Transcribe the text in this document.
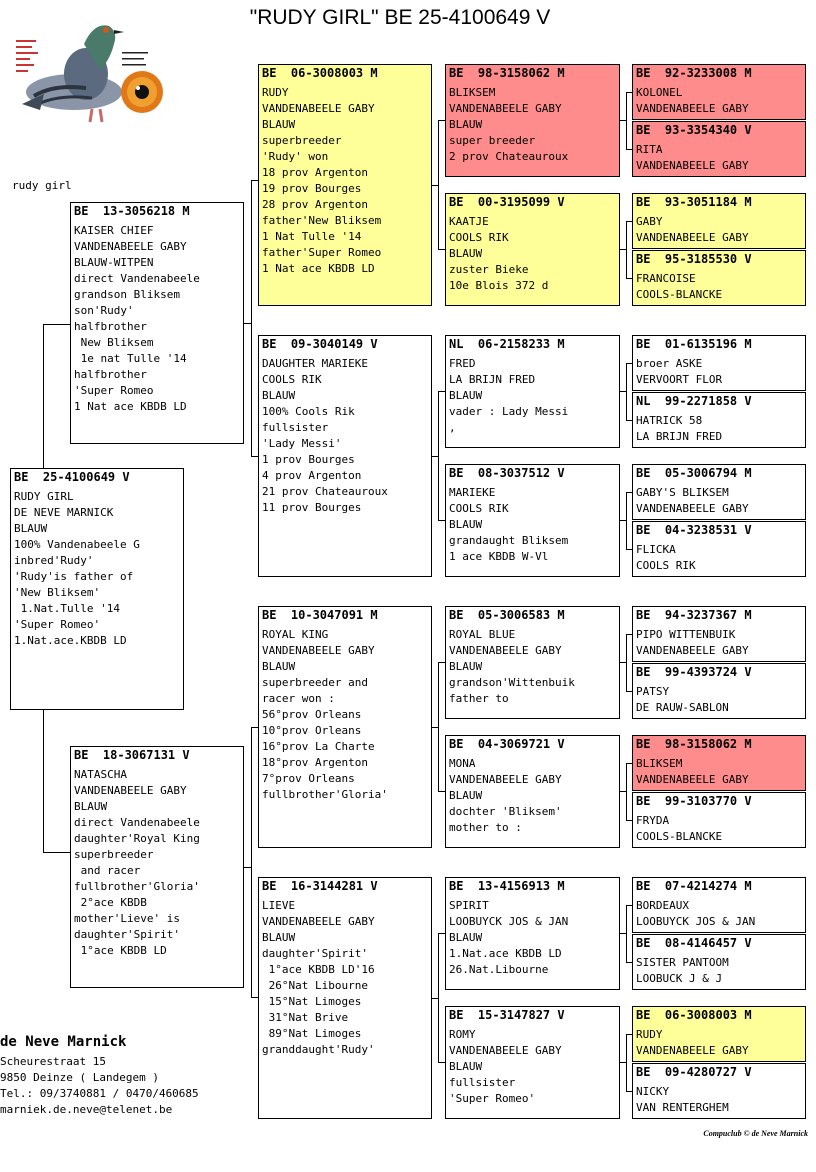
"RUDY GIRL" BE 25-4100649 V
rudy girl
BE  25-4100649 V
RUDY GIRL
DE NEVE MARNICK
BLAUW
100% Vandenabeele G
inbred'Rudy'
'Rudy'is father of
'New Bliksem'
1.Nat.Tulle '14
'Super Romeo'
1.Nat.ace.KBDB LD
BE  13-3056218 M
KAISER CHIEF
VANDENABEELE GABY
BLAUW-WITPEN
direct Vandenabeele
grandson Bliksem
son'Rudy'
halfbrother
New Bliksem
1e nat Tulle '14
halfbrother
'Super Romeo
1 Nat ace KBDB LD
BE  18-3067131 V
NATASCHA
VANDENABEELE GABY
BLAUW
direct Vandenabeele
daughter'Royal King
superbreeder
and racer
fullbrother'Gloria'
2°ace KBDB
mother'Lieve' is
daughter'Spirit'
1°ace KBDB LD
BE  06-3008003 M
RUDY
VANDENABEELE GABY
BLAUW
superbreeder
'Rudy' won
18 prov Argenton
19 prov Bourges
28 prov Argenton
father'New Bliksem
1 Nat Tulle '14
father'Super Romeo
1 Nat ace KBDB LD
BE  09-3040149 V
DAUGHTER MARIEKE
COOLS RIK
BLAUW
100% Cools Rik
fullsister
'Lady Messi'
1 prov Bourges
4 prov Argenton
21 prov Chateauroux
11 prov Bourges
BE  10-3047091 M
ROYAL KING
VANDENABEELE GABY
BLAUW
superbreeder and
racer won :
56°prov Orleans
10°prov Orleans
16°prov La Charte
18°prov Argenton
7°prov Orleans
fullbrother'Gloria'
BE  16-3144281 V
LIEVE
VANDENABEELE GABY
BLAUW
daughter'Spirit'
1°ace KBDB LD'16
26°Nat Libourne
15°Nat Limoges
31°Nat Brive
89°Nat Limoges
granddaught'Rudy'
BE  98-3158062 M
BLIKSEM
VANDENABEELE GABY
BLAUW
super breeder
2 prov Chateauroux
BE  00-3195099 V
KAATJE
COOLS RIK
BLAUW
zuster Bieke
10e Blois 372 d
NL  06-2158233 M
FRED
LA BRIJN FRED
BLAUW
vader : Lady Messi
,
BE  08-3037512 V
MARIEKE
COOLS RIK
BLAUW
grandaught Bliksem
1 ace KBDB W-Vl
BE  05-3006583 M
ROYAL BLUE
VANDENABEELE GABY
BLAUW
grandson'Wittenbuik
father to
BE  04-3069721 V
MONA
VANDENABEELE GABY
BLAUW
dochter 'Bliksem'
mother to :
BE  13-4156913 M
SPIRIT
LOOBUYCK JOS & JAN
BLAUW
1.Nat.ace KBDB LD
26.Nat.Libourne
BE  15-3147827 V
ROMY
VANDENABEELE GABY
BLAUW
fullsister
'Super Romeo'
BE  92-3233008 M
KOLONEL
VANDENABEELE GABY
BE  93-3354340 V
RITA
VANDENABEELE GABY
BE  93-3051184 M
GABY
VANDENABEELE GABY
BE  95-3185530 V
FRANCOISE
COOLS-BLANCKE
BE  01-6135196 M
broer ASKE
VERVOORT FLOR
NL  99-2271858 V
HATRICK 58
LA BRIJN FRED
BE  05-3006794 M
GABY'S BLIKSEM
VANDENABEELE GABY
BE  04-3238531 V
FLICKA
COOLS RIK
BE  94-3237367 M
PIPO WITTENBUIK
VANDENABEELE GABY
BE  99-4393724 V
PATSY
DE RAUW-SABLON
BE  98-3158062 M
BLIKSEM
VANDENABEELE GABY
BE  99-3103770 V
FRYDA
COOLS-BLANCKE
BE  07-4214274 M
BORDEAUX
LOOBUYCK JOS & JAN
BE  08-4146457 V
SISTER PANTOOM
LOOBUCK J & J
BE  06-3008003 M
RUDY
VANDENABEELE GABY
BE  09-4280727 V
NICKY
VAN RENTERGHEM
de Neve Marnick
Scheurestraat 15
9850 Deinze ( Landegem )
Tel.: 09/3740881 / 0470/460685
marniek.de.neve@telenet.be
Compuclub © de Neve Marnick
